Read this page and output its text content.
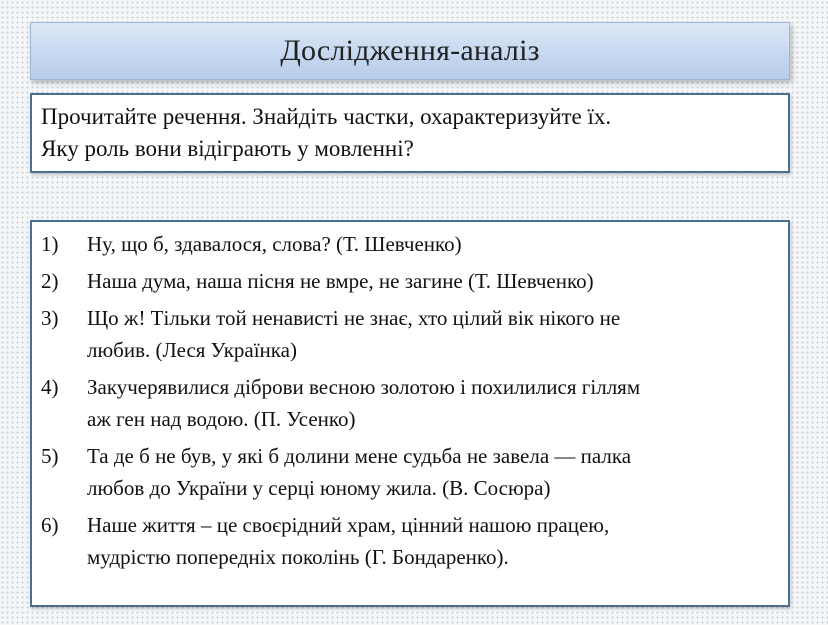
Дослідження-аналіз
Прочитайте речення. Знайдіть частки, охарактеризуйте їх.
Яку роль вони відіграють у мовленні?
1)	Ну, що б, здавалося, слова? (Т. Шевченко)
2)	Наша дума, наша пісня не вмре, не загине (Т. Шевченко)
3)	Що ж! Тільки той ненависті не знає, хто цілий вік нікого не
любив. (Леся Українка)
4)	Закучерявилися діброви весною золотою і похилилися гіллям
аж ген над водою. (П. Усенко)
5)	Та де б не був, у які б долини мене судьба не завела — палка
любов до України у серці юному жила. (В. Сосюра)
6)	Наше життя – це своєрідний храм, цінний нашою працею,
мудрістю попередніх поколінь (Г. Бондаренко).
